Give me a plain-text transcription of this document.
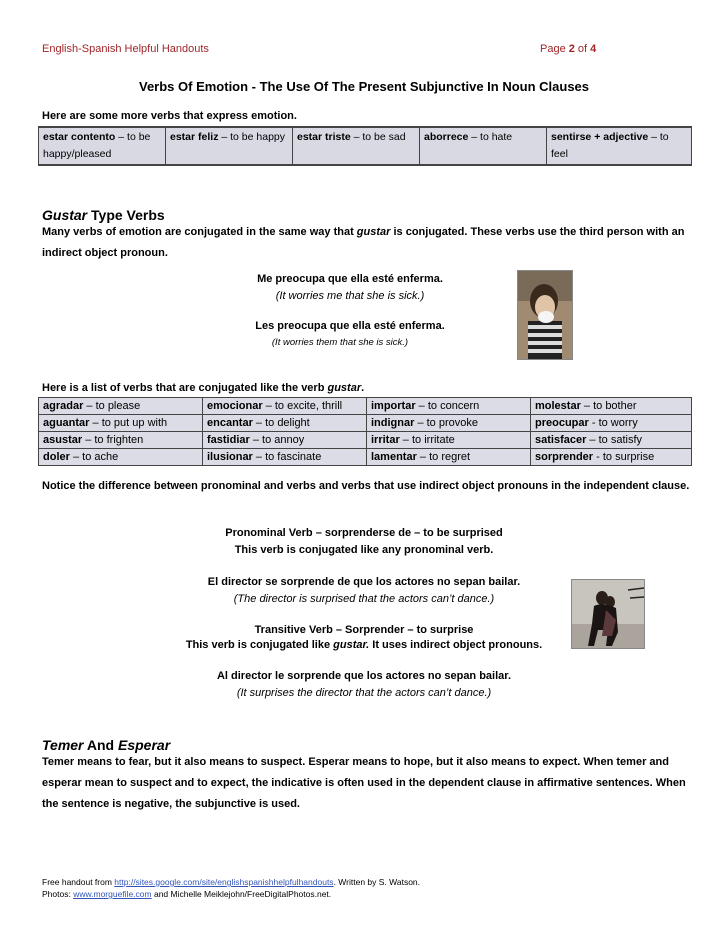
English-Spanish Helpful Handouts	Page 2 of 4
Verbs Of Emotion - The Use Of The Present Subjunctive In Noun Clauses
Here are some more verbs that express emotion.
estar contento – to be happy/pleased	estar feliz – to be happy	estar triste – to be sad	aborrece – to hate	sentirse + adjective – to feel
Gustar Type Verbs
Many verbs of emotion are conjugated in the same way that gustar is conjugated. These verbs use the third person with an indirect object pronoun.
Me preocupa que ella esté enferma.
(It worries me that she is sick.)
Les preocupa que ella esté enferma.
(It worries them that she is sick.)
Here is a list of verbs that are conjugated like the verb gustar.
agradar – to please	emocionar – to excite, thrill	importar – to concern	molestar – to bother
aguantar – to put up with	encantar – to delight	indignar – to provoke	preocupar - to worry
asustar – to frighten	fastidiar – to annoy	irritar – to irritate	satisfacer – to satisfy
doler – to ache	ilusionar – to fascinate	lamentar – to regret	sorprender - to surprise
Notice the difference between pronominal and verbs and verbs that use indirect object pronouns in the independent clause.
Pronominal Verb – sorprenderse de – to be surprised
This verb is conjugated like any pronominal verb.
El director se sorprende de que los actores no sepan bailar.
(The director is surprised that the actors can’t dance.)
Transitive Verb – Sorprender – to surprise
This verb is conjugated like gustar. It uses indirect object pronouns.
Al director le sorprende que los actores no sepan bailar.
(It surprises the director that the actors can’t dance.)
Temer And Esperar
Temer means to fear, but it also means to suspect. Esperar means to hope, but it also means to expect. When temer and esperar mean to suspect and to expect, the indicative is often used in the dependent clause in affirmative sentences. When the sentence is negative, the subjunctive is used.
Free handout from http://sites.google.com/site/englishspanishhelpfulhandouts. Written by S. Watson.
Photos: www.morguefile.com and Michelle Meiklejohn/FreeDigitalPhotos.net.
